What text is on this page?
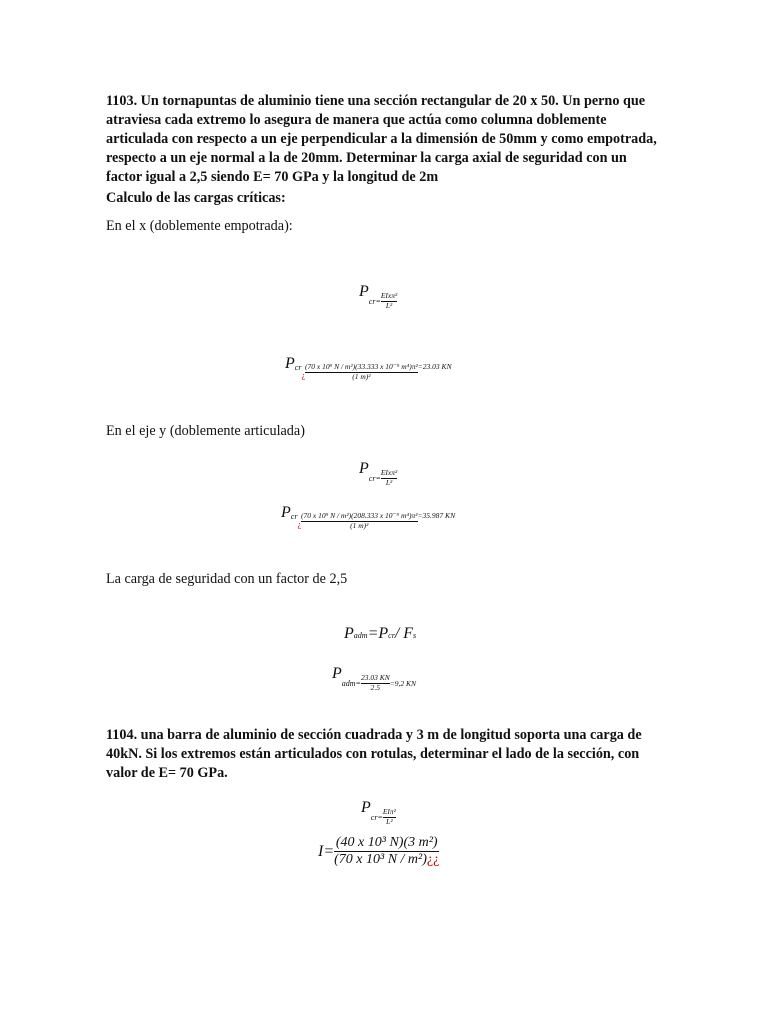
1103. Un tornapuntas de aluminio tiene una sección rectangular de 20 x 50. Un perno que atraviesa cada extremo lo asegura de manera que actúa como columna doblemente articulada con respecto a un eje perpendicular a la dimensión de 50mm y como empotrada, respecto a un eje normal a la de 20mm. Determinar la carga axial de seguridad con un factor igual a 2,5 siendo E= 70 GPa y la longitud de 2m
Calculo de las cargas críticas:
En el x (doblemente empotrada):
$Pcr= \frac{\text{EIxπ²}}{\text{L²}}$
Pcr¿ $\frac{\text{(70 x 10⁹ N / m²)(33.333 x 10⁻⁹ m⁴)π²}}{\text{(1 m)²}} =23.03$ KN
En el eje y (doblemente articulada)
$Pcr= \frac{\text{EIxπ²}}{\text{L²}}$
Pcr¿ $\frac{\text{(70 x 10⁹ N / m²)(208.333 x 10⁻⁹ m⁴)π²}}{\text{(1 m)²}} =35.987$ KN
La carga de seguridad con un factor de 2,5
Padm=Pcr/ Fs
Padm= $\frac{23.03 KN}{2.5} =9,2$ KN
1104. una barra de aluminio de sección cuadrada y 3 m de longitud soporta una carga de 40kN. Si los extremos están articulados con rotulas, determinar el lado de la sección, con valor de E= 70 GPa.
$Pcr= \frac{\text{EIπ²}}{\text{L²}}$
$I= \frac{\text{(40 x 10³ N)(3 m²)}}{\text{(70 x 10³ N / m²)¿¿}}$
